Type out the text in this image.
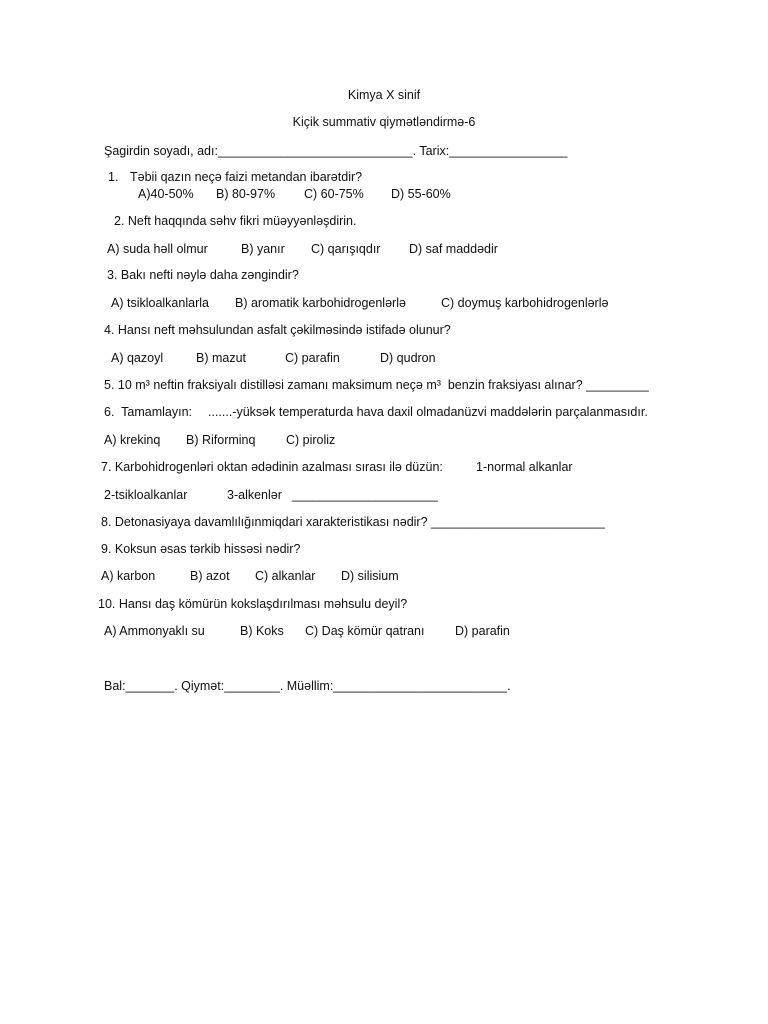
Kimya X sinif
Kiçik summativ qiymətləndirmə-6
Şagirdin soyadı, adı:____________________________. Tarix:_________________
1. Təbii qazın neçə faizi metandan ibarətdir?
A)40-50% B) 80-97% C) 60-75% D) 55-60%
2. Neft haqqında səhv fikri müəyyənləşdirin.
A) suda həll olmur	B) yanır C) qarışıqdır D) saf maddədir
3. Bakı nefti nəylə daha zəngindir?
A) tsikloalkanlarla B) aromatik karbohidrogenlərlə	C) doymuş karbohidrogenlərlə
4. Hansı neft məhsulundan asfalt çəkilməsində istifadə olunur?
A) qazoyl	B) mazut	C) parafin	D) qudron
5. 10 m³ neftin fraksiyalı distilləsi zamanı maksimum neçə m³  benzin fraksiyası alınar? _________
6.  Tamamlayın: .......-yüksək temperaturda hava daxil olmadanüzvi maddələrin parçalanmasıdır.
A) krekinq B) Riforminq C) piroliz
7. Karbohidrogenləri oktan ədədinin azalması sırası ilə düzün:	1-normal alkanlar
2-tsikloalkanlar	3-alkenlər _____________________
8. Detonasiyaya davamlılığınmiqdari xarakteristikası nədir? _________________________
9. Koksun əsas tərkib hissəsi nədir?
A) karbon	B) azot C) alkanlar D) silisium
10. Hansı daş kömürün kokslaşdırılması məhsulu deyil?
A) Ammonyaklı su	B) Koks C) Daş kömür qatranı D) parafin
Bal:_______. Qiymət:________. Müəllim:_________________________.
